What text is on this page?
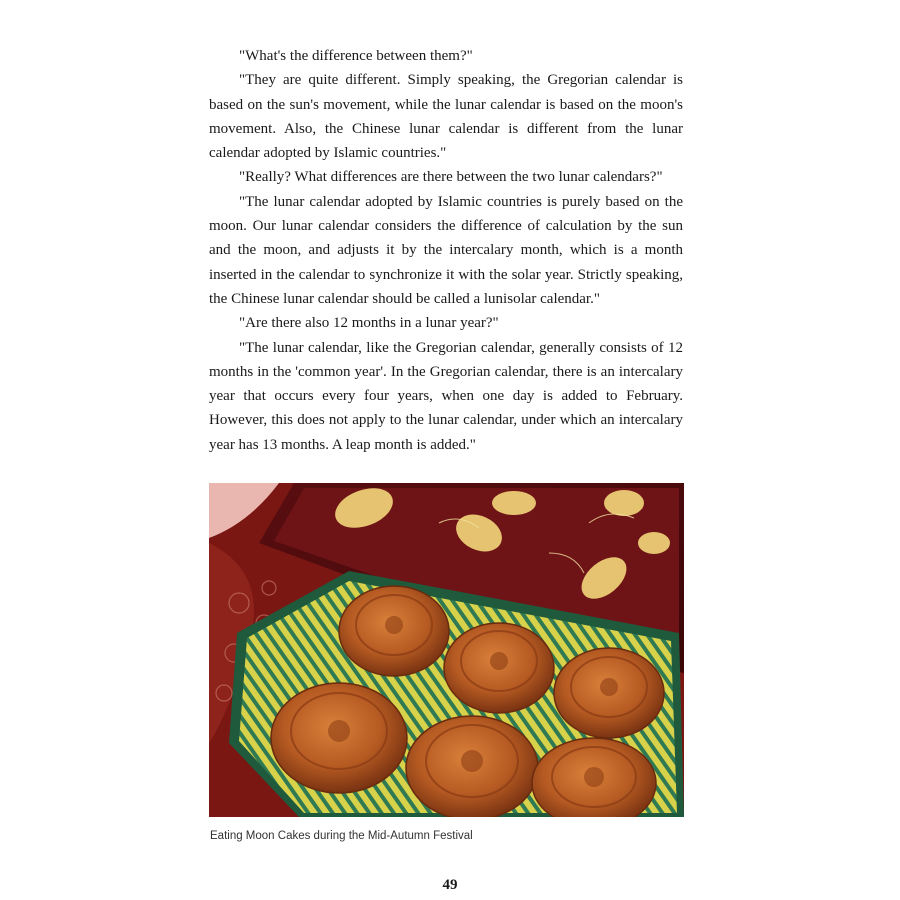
"What's the difference between them?"

"They are quite different. Simply speaking, the Gregorian calendar is based on the sun's movement, while the lunar calendar is based on the moon's movement. Also, the Chinese lunar calendar is different from the lunar calendar adopted by Islamic countries."

"Really? What differences are there between the two lunar calendars?"

"The lunar calendar adopted by Islamic countries is purely based on the moon. Our lunar calendar considers the difference of calculation by the sun and the moon, and adjusts it by the intercalary month, which is a month inserted in the calendar to synchronize it with the solar year. Strictly speaking, the Chinese lunar calendar should be called a lunisolar calendar."

"Are there also 12 months in a lunar year?"

"The lunar calendar, like the Gregorian calendar, generally consists of 12 months in the 'common year'. In the Gregorian calendar, there is an intercalary year that occurs every four years, when one day is added to February. However, this does not apply to the lunar calendar, under which an intercalary year has 13 months. A leap month is added."

Eating Moon Cakes during the Mid-Autumn Festival
49
